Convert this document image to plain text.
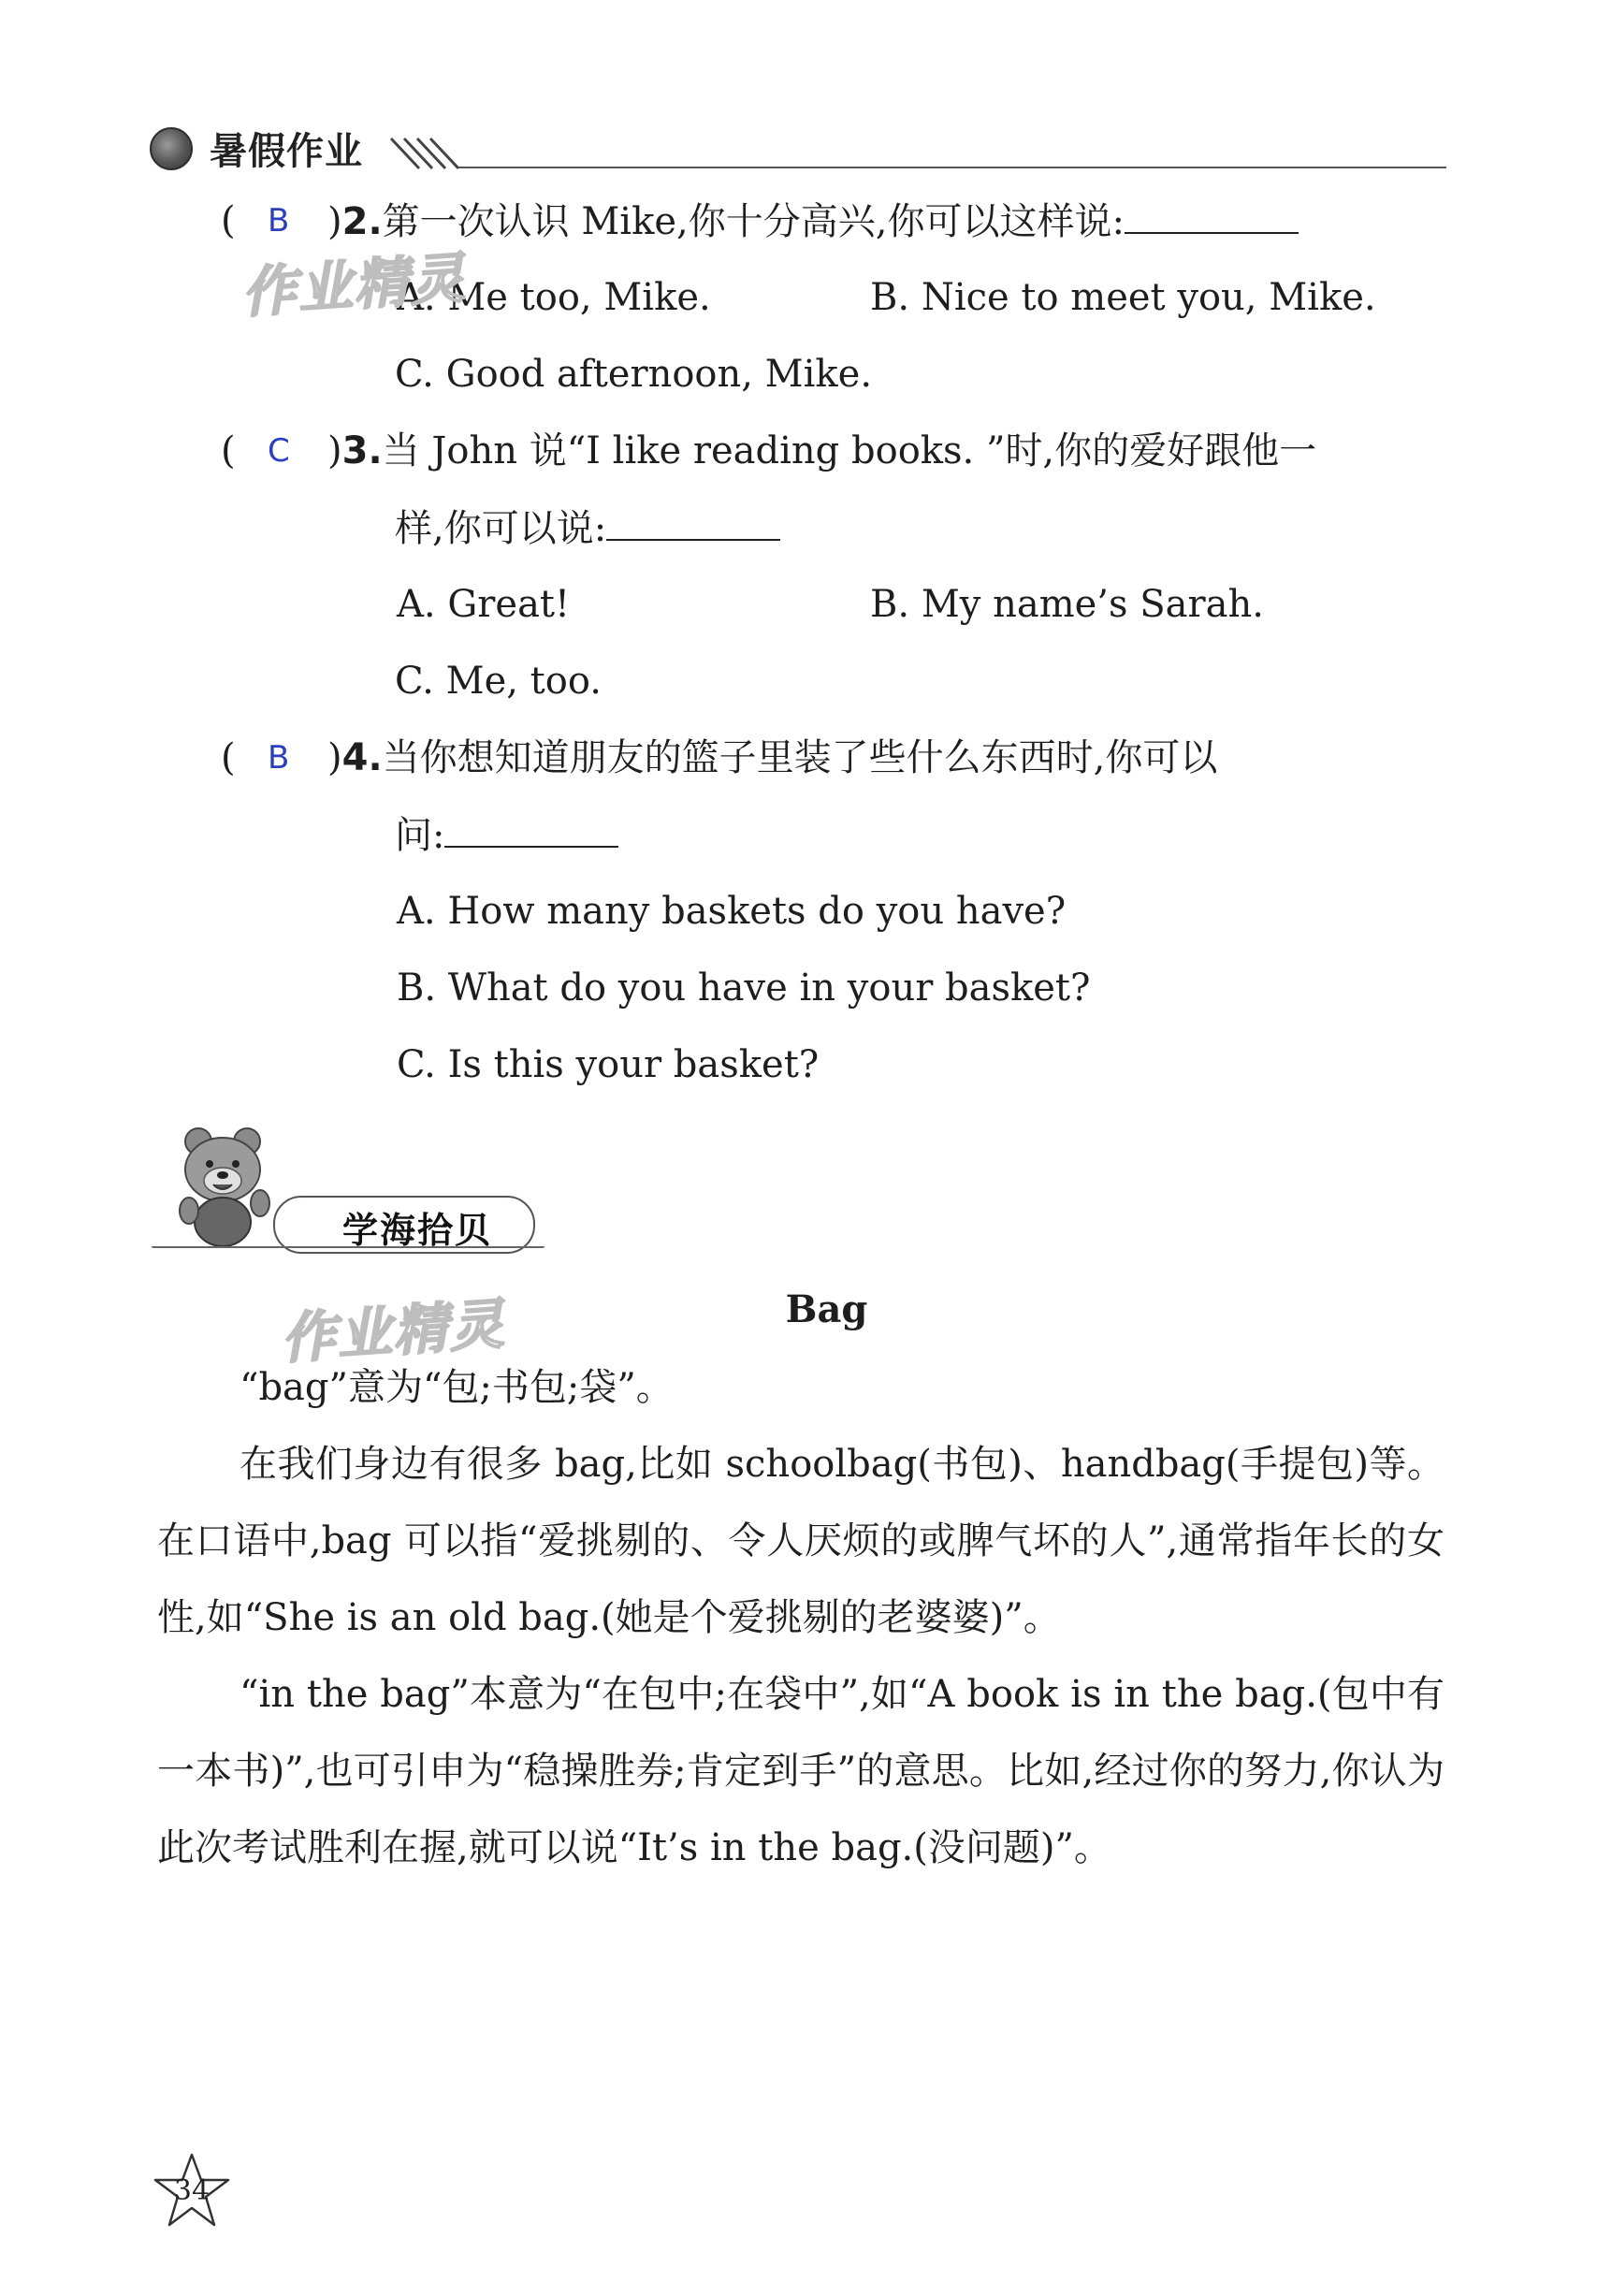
暑假作业
( B )2.第一次认识 Mike,你十分高兴,你可以这样说:
A. Me too, Mike.	B. Nice to meet you, Mike.
C. Good afternoon, Mike.
作业精灵
( C )3.当 John 说“I like reading books. ”时,你的爱好跟他一
样,你可以说:
A. Great!	B. My name’s Sarah.
C. Me, too.
( B )4.当你想知道朋友的篮子里装了些什么东西时,你可以
问:
A. How many baskets do you have?
B. What do you have in your basket?
C. Is this your basket?
学海拾贝
作业精灵	Bag

“bag”意为“包;书包;袋”。

在我们身边有很多 bag,比如 schoolbag(书包)、handbag(手提包)等。在口语中,bag 可以指“爱挑剔的、令人厌烦的或脾气坏的人”,通常指年长的女性,如“She is an old bag.(她是个爱挑剔的老婆婆)”。

“in the bag”本意为“在包中;在袋中”,如“A book is in the bag.(包中有一本书)”,也可引申为“稳操胜券;肯定到手”的意思。比如,经过你的努力,你认为此次考试胜利在握,就可以说“It’s in the bag.(没问题)”。

34
